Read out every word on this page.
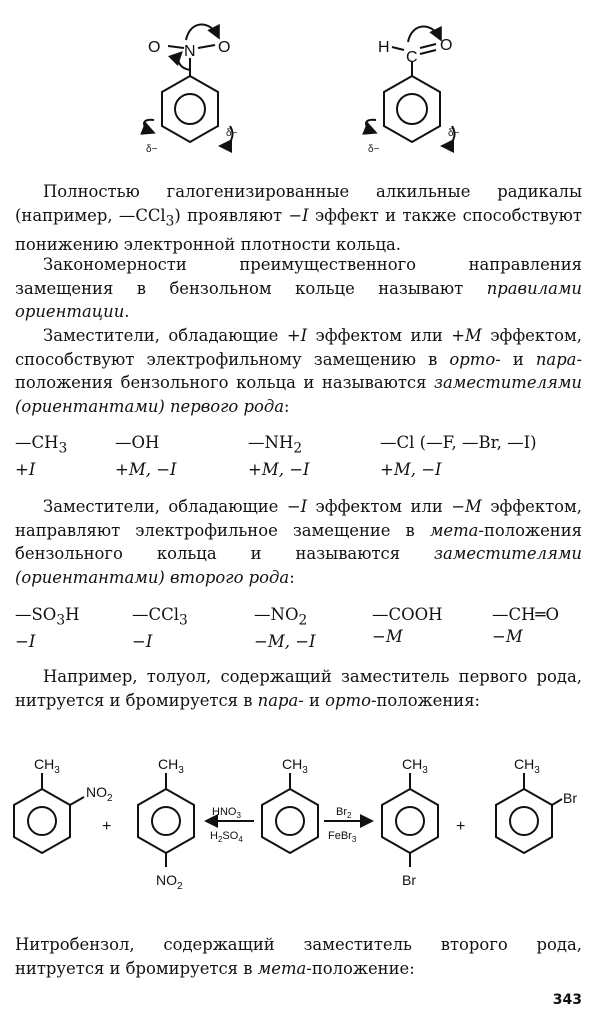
O N O
δ−
δ−
H
C
O
δ−
δ−

Полностью галогенизированные алкильные радикалы (например, —CCl$_3$) проявляют −I эффект и также способствуют понижению электронной плотности кольца.

Закономерности преимущественного направления замещения в бензольном кольце называют правилами ориентации.

Заместители, обладающие +I эффектом или +M эффектом, способствуют электрофильному замещению в орто- и пара-положения бензольного кольца и называются заместителями (ориентантами) первого рода:

$—CH_3$
+I
—OH
+M, −I
$—NH_2$
+M, −I
—Cl (—F, —Br, —I)
+M, −I

Заместители, обладающие −I эффектом или −M эффектом, направляют электрофильное замещение в мета-положения бензольного кольца и называются заместителями (ориентантами) второго рода:

$—SO_3H$
−I
—CCl$_3$
−I
$—NO_2$
−M, −I
—COOH
−M
—CH═O
−M

Например, толуол, содержащий заместитель первого рода, нитруется и бромируется в пара- и орто-положения:

$CH_3$
$NO_2$
+
$CH_3$
$NO_2$
$HNO_3$
$H_2SO_4$
$CH_3$
$Br_2$
FeBr$_3$
$CH_3$
Br
+
$CH_3$
Br

Нитробензол, содержащий заместитель второго рода, нитруется и бромируется в мета-положение:

343
